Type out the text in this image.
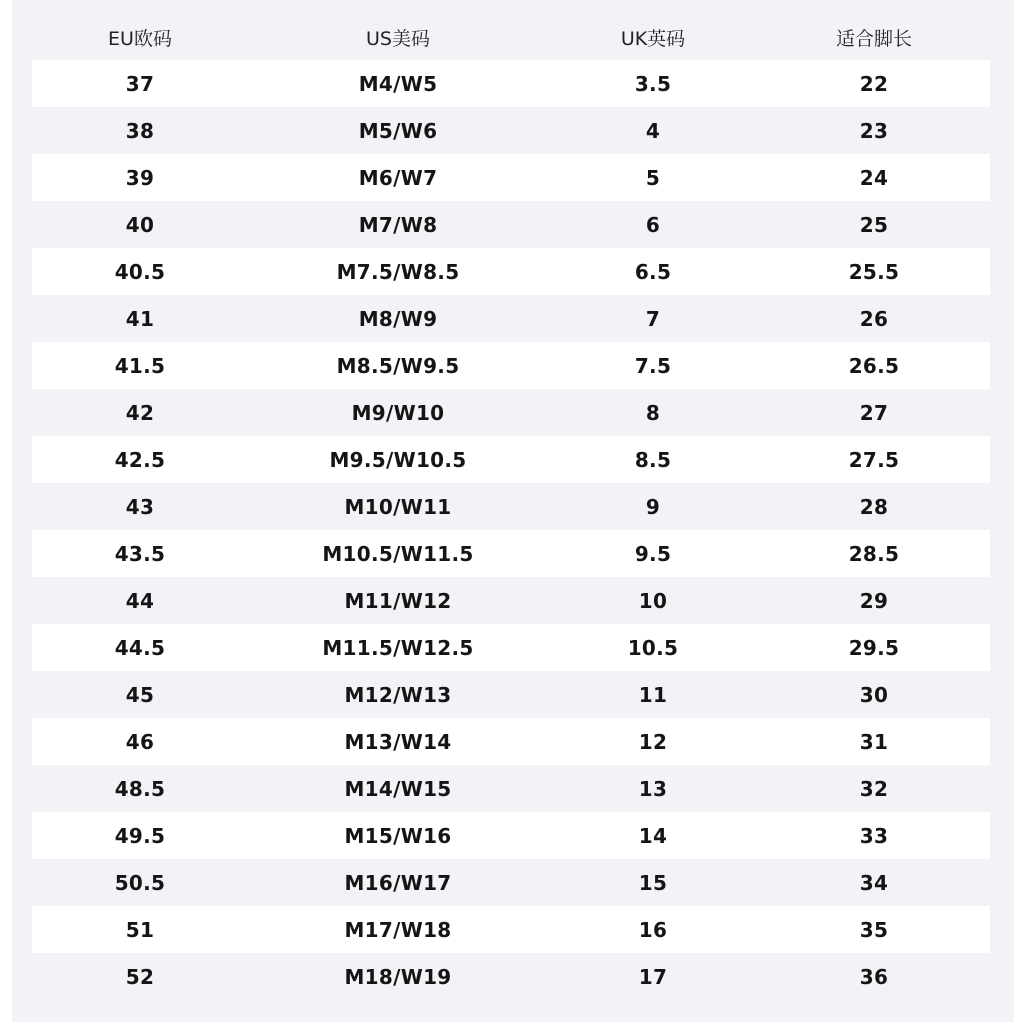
EU欧码	US美码	UK英码	适合脚长
37	M4/W5	3.5	22
38	M5/W6	4	23
39	M6/W7	5	24
40	M7/W8	6	25
40.5	M7.5/W8.5	6.5	25.5
41	M8/W9	7	26
41.5	M8.5/W9.5	7.5	26.5
42	M9/W10	8	27
42.5	M9.5/W10.5	8.5	27.5
43	M10/W11	9	28
43.5	M10.5/W11.5	9.5	28.5
44	M11/W12	10	29
44.5	M11.5/W12.5	10.5	29.5
45	M12/W13	11	30
46	M13/W14	12	31
48.5	M14/W15	13	32
49.5	M15/W16	14	33
50.5	M16/W17	15	34
51	M17/W18	16	35
52	M18/W19	17	36
